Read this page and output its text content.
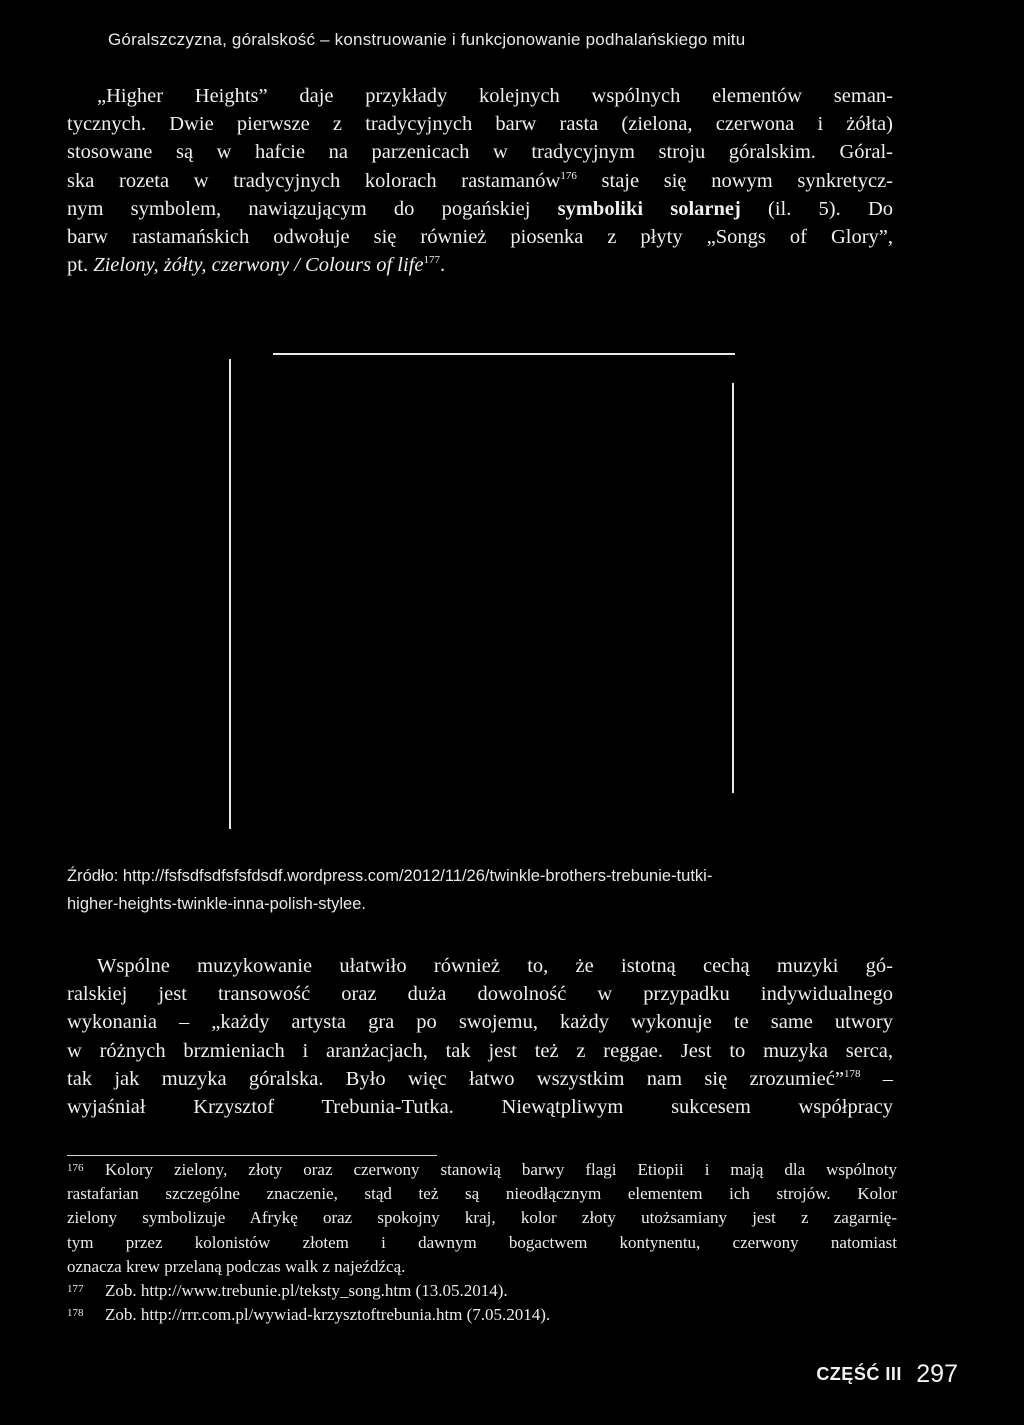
Góralszczyzna, góralskość – konstruowanie i funkcjonowanie podhalańskiego mitu
„Higher Heights” daje przykłady kolejnych wspólnych elementów seman-
tycznych. Dwie pierwsze z tradycyjnych barw rasta (zielona, czerwona i żółta)
stosowane są w hafcie na parzenicach w tradycyjnym stroju góralskim. Góral-
ska rozeta w tradycyjnych kolorach rastamanów$^{176}$ staje się nowym synkretycz-
nym symbolem, nawiązującym do pogańskiej symboliki solarnej (il. 5). Do
barw rastamańskich odwołuje się również piosenka z płyty „Songs of Glory”,
pt. Zielony, żółty, czerwony / Colours of life$^{177}$.
Źródło: http://fsfsdfsdfsfsfdsdf.wordpress.com/2012/11/26/twinkle-brothers-trebunie-tutki-
higher-heights-twinkle-inna-polish-stylee.
Wspólne muzykowanie ułatwiło również to, że istotną cechą muzyki gó-
ralskiej jest transowość oraz duża dowolność w przypadku indywidualnego
wykonania – „każdy artysta gra po swojemu, każdy wykonuje te same utwory
w różnych brzmieniach i aranżacjach, tak jest też z reggae. Jest to muzyka serca,
tak jak muzyka góralska. Było więc łatwo wszystkim nam się zrozumieć”$^{178}$ –
wyjaśniał Krzysztof Trebunia-Tutka. Niewątpliwym sukcesem współpracy
176	Kolory zielony, złoty oraz czerwony stanowią barwy flagi Etiopii i mają dla wspólnoty
rastafarian szczególne znaczenie, stąd też są nieodłącznym elementem ich strojów. Kolor
zielony symbolizuje Afrykę oraz spokojny kraj, kolor złoty utożsamiany jest z zagarnię-
tym przez kolonistów złotem i dawnym bogactwem kontynentu, czerwony natomiast
oznacza krew przelaną podczas walk z najeźdźcą.
177	Zob. http://www.trebunie.pl/teksty_song.htm (13.05.2014).
178	Zob. http://rrr.com.pl/wywiad-krzysztoftrebunia.htm (7.05.2014).
CZĘŚĆ III 297
